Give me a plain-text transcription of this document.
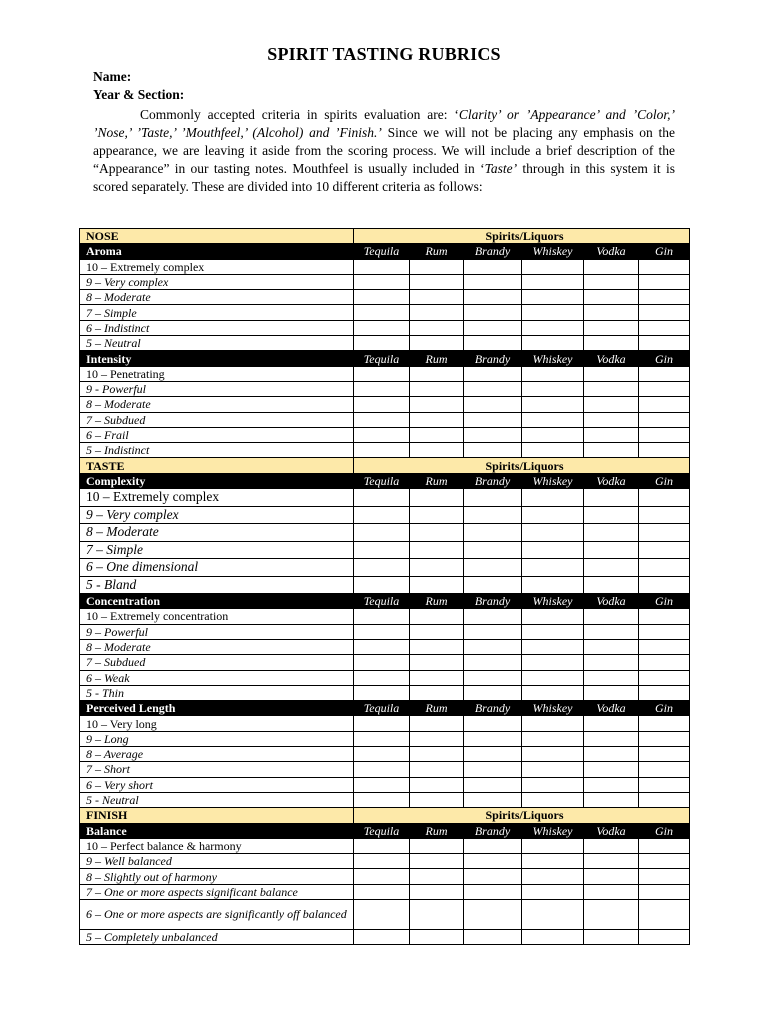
SPIRIT TASTING RUBRICS
Name:
Year & Section:
Commonly accepted criteria in spirits evaluation are: ‘Clarity’ or ’Appearance’ and ’Color,’ ’Nose,’ ’Taste,’ ’Mouthfeel,’ (Alcohol) and ’Finish.’ Since we will not be placing any emphasis on the appearance, we are leaving it aside from the scoring process. We will include a brief description of the “Appearance” in our tasting notes. Mouthfeel is usually included in ‘Taste’ through in this system it is scored separately. These are divided into 10 different criteria as follows:
NOSE	Spirits/Liquors					
Aroma	Tequila	Rum	Brandy	Whiskey	Vodka	Gin
10 – Extremely complex						
9 – Very complex						
8 – Moderate						
7 – Simple						
6 – Indistinct						
5 – Neutral						
Intensity	Tequila	Rum	Brandy	Whiskey	Vodka	Gin
10 – Penetrating						
9 - Powerful						
8 – Moderate						
7 – Subdued						
6 – Frail						
5 – Indistinct						
TASTE	Spirits/Liquors					
Complexity	Tequila	Rum	Brandy	Whiskey	Vodka	Gin
10 – Extremely complex						
9 – Very complex						
8 – Moderate						
7 – Simple						
6 – One dimensional						
5 - Bland						
Concentration	Tequila	Rum	Brandy	Whiskey	Vodka	Gin
10 – Extremely concentration						
9 – Powerful						
8 – Moderate						
7 – Subdued						
6 – Weak						
5 - Thin						
Perceived Length	Tequila	Rum	Brandy	Whiskey	Vodka	Gin
10 – Very long						
9 – Long						
8 – Average						
7 – Short						
6 – Very short						
5 - Neutral						
FINISH	Spirits/Liquors					
Balance	Tequila	Rum	Brandy	Whiskey	Vodka	Gin
10 – Perfect balance & harmony						
9 – Well balanced						
8 – Slightly out of harmony						
7 – One or more aspects significant balance						
6 – One or more aspects are significantly off balanced						
5 – Completely unbalanced						
